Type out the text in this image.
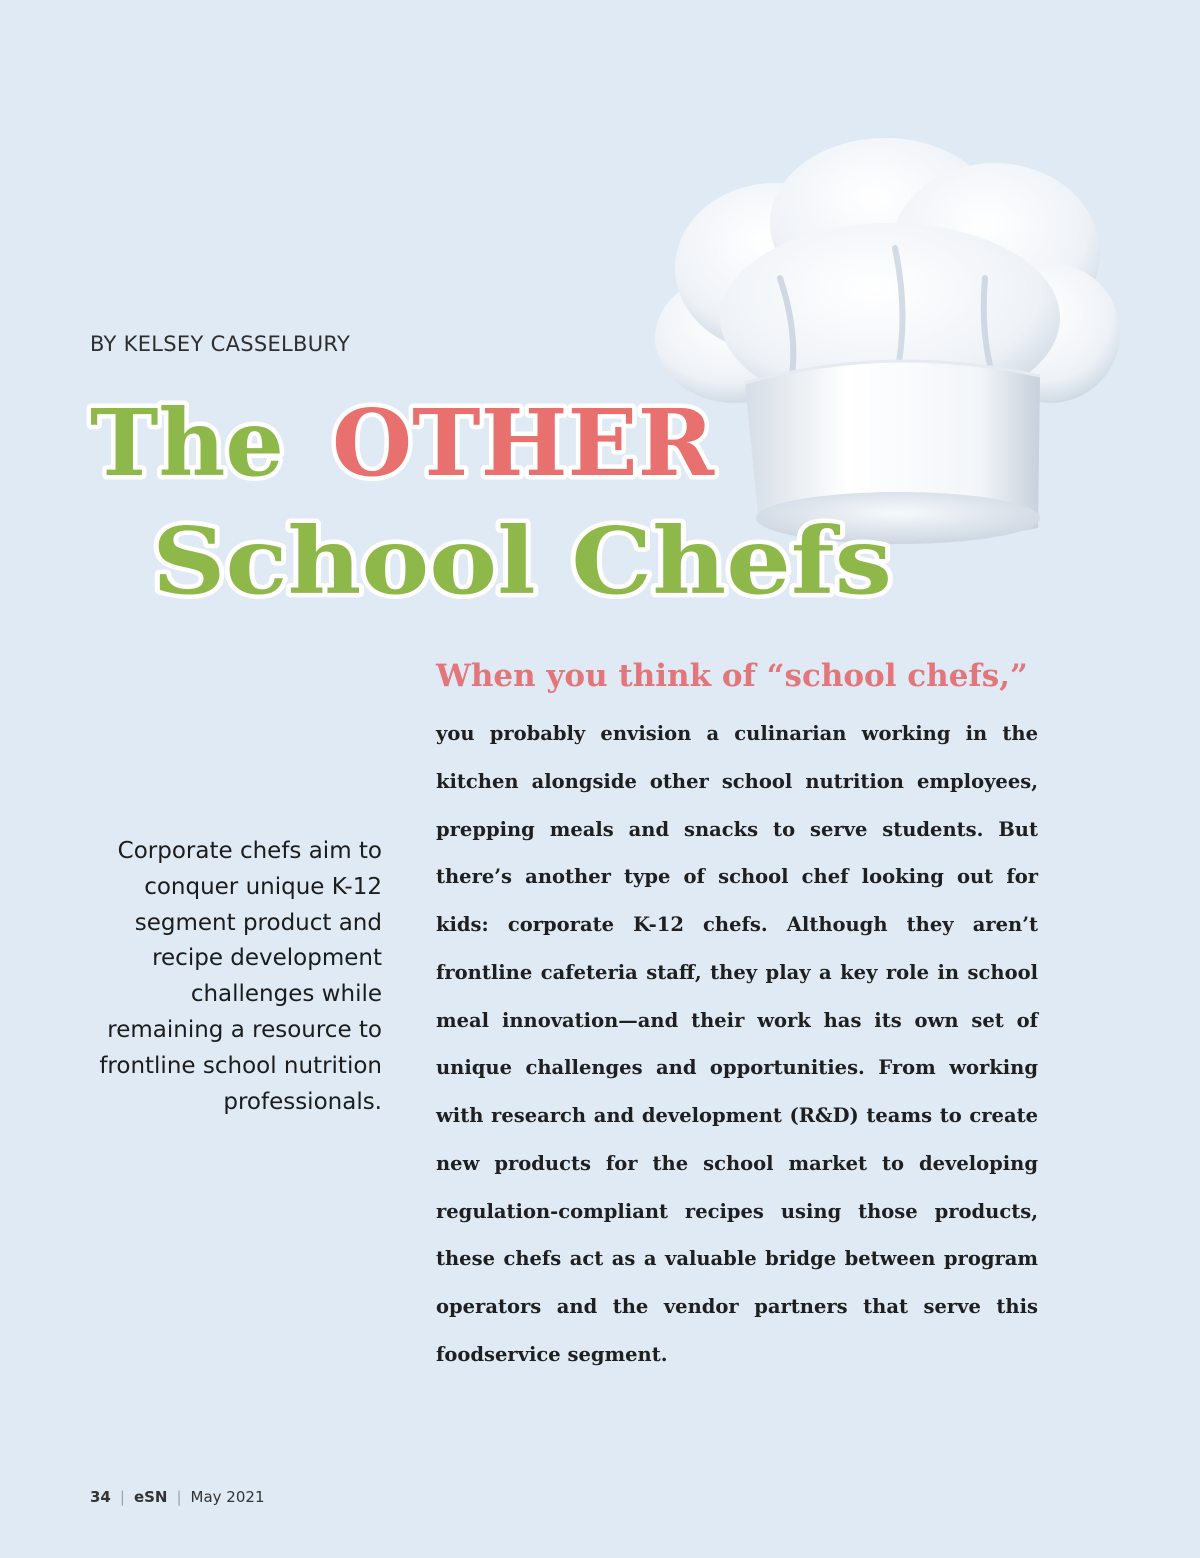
BY KELSEY CASSELBURY
The OTHER
School Chefs
Corporate chefs aim to conquer unique K-12 segment product and recipe development challenges while remaining a resource to frontline school nutrition professionals.
When you think of “school chefs,”
you probably envision a culinarian working in the kitchen alongside other school nutrition employees, prepping meals and snacks to serve students. But there’s another type of school chef looking out for kids: corporate K-12 chefs. Although they aren’t frontline cafeteria staff, they play a key role in school meal innovation—and their work has its own set of unique challenges and opportunities. From working with research and development (R&D) teams to create new products for the school market to developing regulation-compliant recipes using those products, these chefs act as a valuable bridge between program operators and the vendor partners that serve this foodservice segment.
34 | eSN | May 2021
